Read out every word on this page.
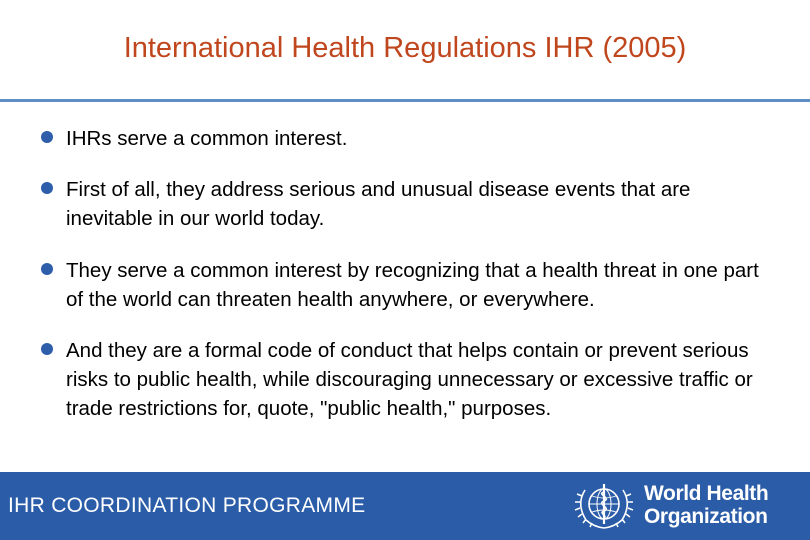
International Health Regulations IHR (2005)
IHRs serve a common interest.
First of all, they address serious and unusual disease events that are inevitable in our world today.
They serve a common interest by recognizing that a health threat in one part of the world can threaten health anywhere, or everywhere.
And they are a formal code of conduct that helps contain or prevent serious risks to public health, while discouraging unnecessary or excessive traffic or trade restrictions for, quote, "public health," purposes.
IHR COORDINATION PROGRAMME
World Health
Organization
